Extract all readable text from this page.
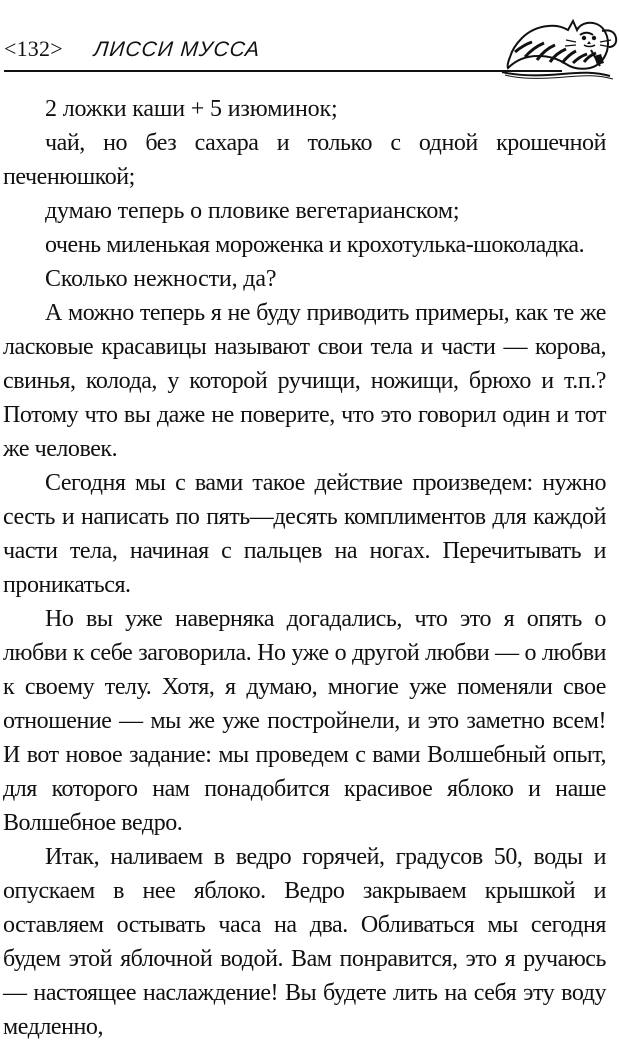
<132> ЛИССИ МУССА

2 ложки каши + 5 изюминок;

чай, но без сахара и только с одной крошечной печенюшкой;

думаю теперь о пловике вегетарианском;

очень миленькая мороженка и крохотулька-шоколадка.

Сколько нежности, да?

А можно теперь я не буду приводить примеры, как те же ласковые красавицы называют свои тела и части — корова, свинья, колода, у которой ручищи, ножищи, брюхо и т.п.? Потому что вы даже не поверите, что это говорил один и тот же человек.

Сегодня мы с вами такое действие произведем: нужно сесть и написать по пять—десять комплиментов для каждой части тела, начиная с пальцев на ногах. Перечитывать и проникаться.

Но вы уже наверняка догадались, что это я опять о любви к себе заговорила. Но уже о другой любви — о любви к своему телу. Хотя, я думаю, многие уже поменяли свое отношение — мы же уже постройнели, и это заметно всем! И вот новое задание: мы проведем с вами Волшебный опыт, для которого нам понадобится красивое яблоко и наше Волшебное ведро.

Итак, наливаем в ведро горячей, градусов 50, воды и опускаем в нее яблоко. Ведро закрываем крышкой и оставляем остывать часа на два. Обливаться мы сегодня будем этой яблочной водой. Вам понравится, это я ручаюсь — настоящее наслаждение! Вы будете лить на себя эту воду медленно,
